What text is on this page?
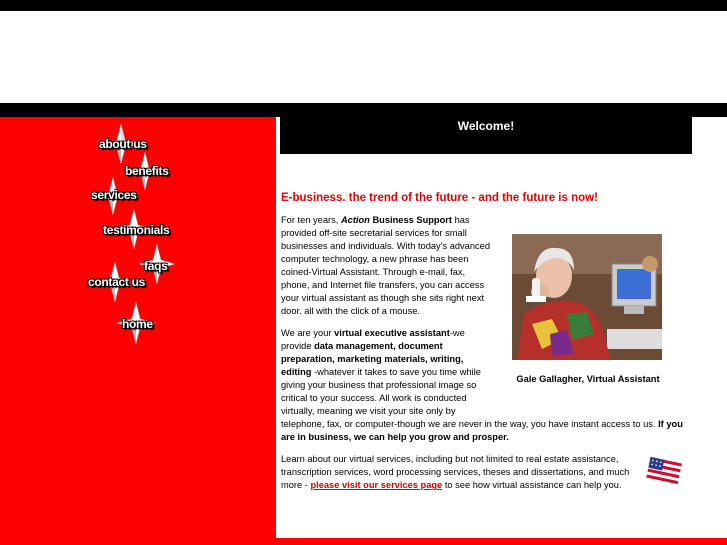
about us
benefits
services
testimonials
faqs
contact us
home
Welcome!
E-business. the trend of the future - and the future is now!
For ten years, Action Business Support has provided off-site secretarial services for small businesses and individuals. With today's advanced computer technology, a new phrase has been coined-Virtual Assistant. Through e-mail, fax, phone, and Internet file transfers, you can access your virtual assistant as though she sits right next door. all with the click of a mouse.
We are your virtual executive assistant-we provide data management, document preparation, marketing materials, writing, editing -whatever it takes to save you time while giving your business that professional image so critical to your success. All work is conducted virtually, meaning we visit your site only by
telephone, fax, or computer-though we are never in the way, you have instant access to us. If you are in business, we can help you grow and prosper.
Learn about our virtual services, including but not limited to real estate assistance, transcription services, word processing services, theses and dissertations, and much more - please visit our services page to see how virtual assistance can help you.
Gale Gallagher, Virtual Assistant
